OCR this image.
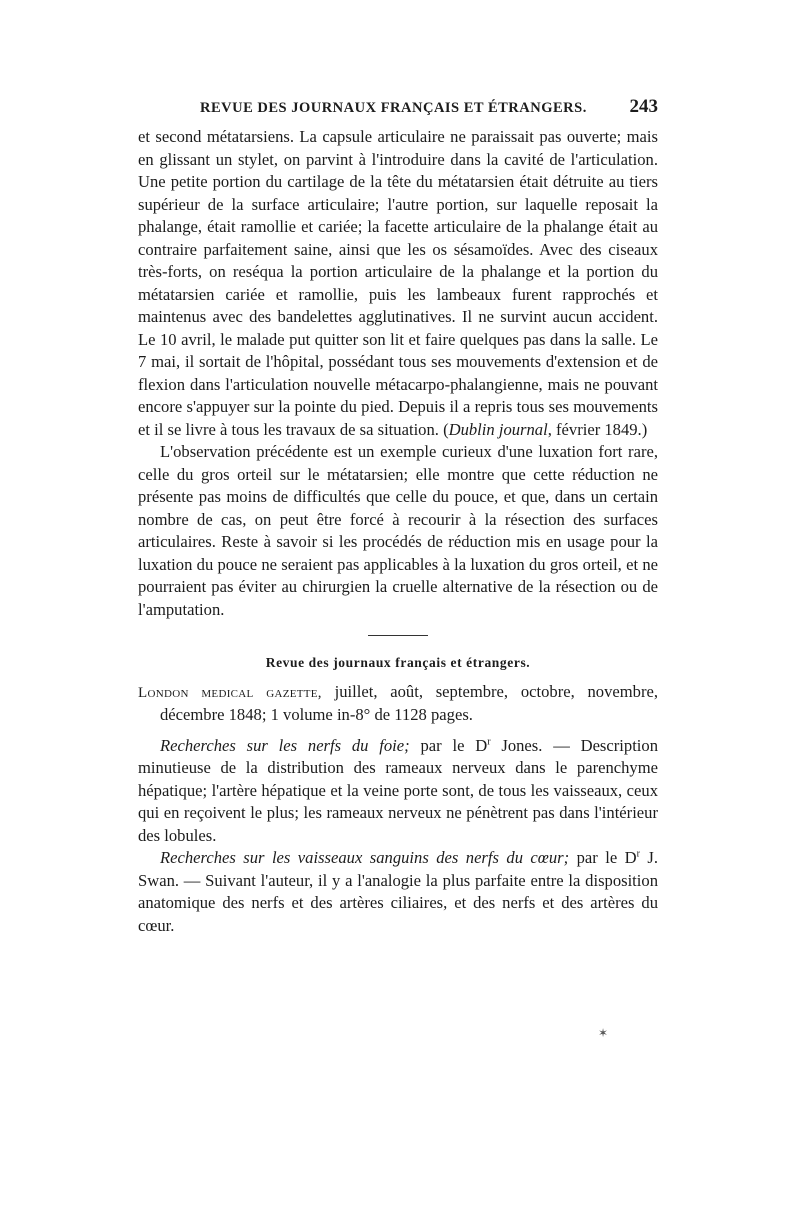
REVUE DES JOURNAUX FRANÇAIS ET ÉTRANGERS. 243

et second métatarsiens. La capsule articulaire ne paraissait pas ouverte; mais en glissant un stylet, on parvint à l'introduire dans la cavité de l'articulation. Une petite portion du cartilage de la tête du métatarsien était détruite au tiers supérieur de la surface articulaire; l'autre portion, sur laquelle reposait la phalange, était ramollie et cariée; la facette articulaire de la phalange était au contraire parfaitement saine, ainsi que les os sésamoïdes. Avec des ciseaux très-forts, on reséqua la portion articulaire de la phalange et la portion du métatarsien cariée et ramollie, puis les lambeaux furent rapprochés et maintenus avec des bandelettes agglutinatives. Il ne survint aucun accident. Le 10 avril, le malade put quitter son lit et faire quelques pas dans la salle. Le 7 mai, il sortait de l'hôpital, possédant tous ses mouvements d'extension et de flexion dans l'articulation nouvelle métacarpo-phalangienne, mais ne pouvant encore s'appuyer sur la pointe du pied. Depuis il a repris tous ses mouvements et il se livre à tous les travaux de sa situation. (Dublin journal, février 1849.)

L'observation précédente est un exemple curieux d'une luxation fort rare, celle du gros orteil sur le métatarsien; elle montre que cette réduction ne présente pas moins de difficultés que celle du pouce, et que, dans un certain nombre de cas, on peut être forcé à recourir à la résection des surfaces articulaires. Reste à savoir si les procédés de réduction mis en usage pour la luxation du pouce ne seraient pas applicables à la luxation du gros orteil, et ne pourraient pas éviter au chirurgien la cruelle alternative de la résection ou de l'amputation.

Revue des journaux français et étrangers.

London medical gazette, juillet, août, septembre, octobre, novembre, décembre 1848; 1 volume in-8° de 1128 pages.

Recherches sur les nerfs du foie; par le $D^r$ Jones. — Description minutieuse de la distribution des rameaux nerveux dans le parenchyme hépatique; l'artère hépatique et la veine porte sont, de tous les vaisseaux, ceux qui en reçoivent le plus; les rameaux nerveux ne pénètrent pas dans l'intérieur des lobules.

Recherches sur les vaisseaux sanguins des nerfs du cœur; par le $D^r$ J. Swan. — Suivant l'auteur, il y a l'analogie la plus parfaite entre la disposition anatomique des nerfs et des artères ciliaires, et des nerfs et des artères du cœur.

✶
